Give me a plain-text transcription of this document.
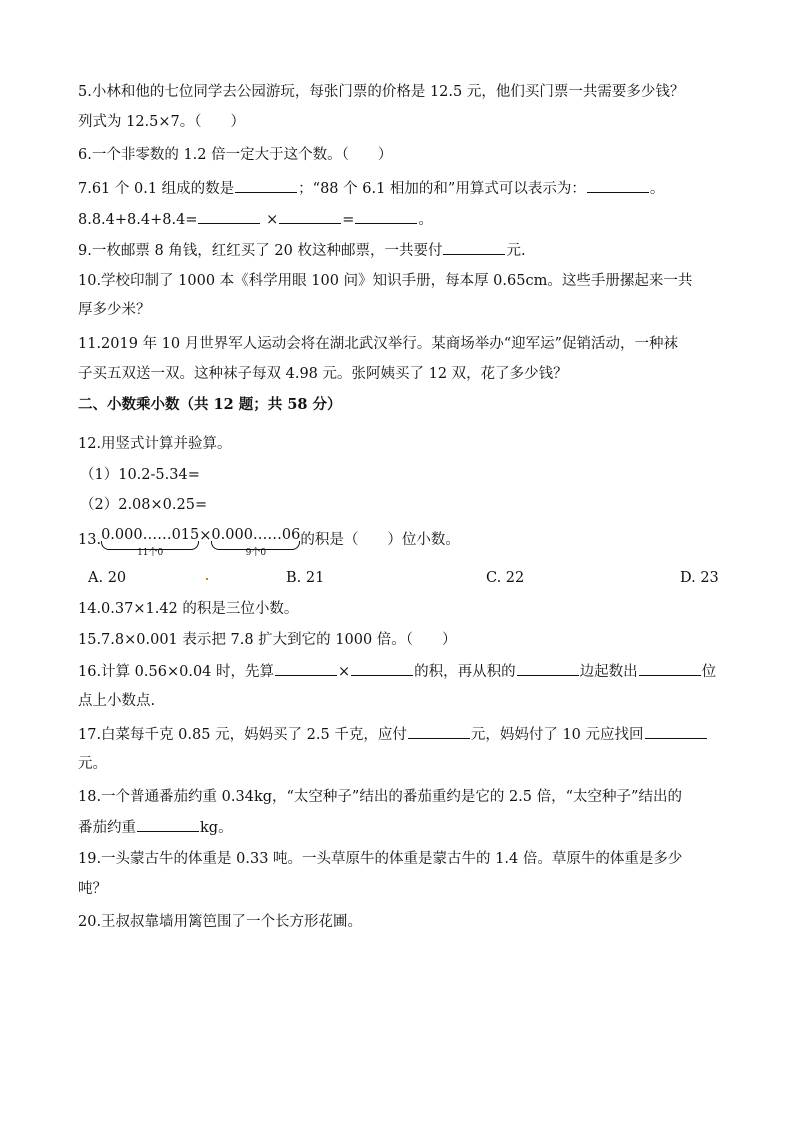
5.小林和他的七位同学去公园游玩，每张门票的价格是 12.5 元，他们买门票一共需要多少钱？
列式为 12.5×7。（　　）
6.一个非零数的 1.2 倍一定大于这个数。（　　）
7.61 个 0.1 组成的数是	；“88 个 6.1 相加的和”用算式可以表示为：	。
8.8.4+8.4+8.4=	×	=	。
9.一枚邮票 8 角钱，红红买了 20 枚这种邮票，一共要付	元.
10.学校印制了 1000 本《科学用眼 100 问》知识手册，每本厚 0.65cm。这些手册摞起来一共
厚多少米？
11.2019 年 10 月世界军人运动会将在湖北武汉举行。某商场举办“迎军运”促销活动，一种袜
子买五双送一双。这种袜子每双 4.98 元。张阿姨买了 12 双，花了多少钱？
二、小数乘小数（共 12 题；共 58 分）
12.用竖式计算并验算。
（1）10.2-5.34=
（2）2.08×0.25=
13. 0.000……015
11个0
× 0.000……06
9个0
的积是（　　）位小数。
A. 20	B. 21	C. 22	D. 23
14.0.37×1.42 的积是三位小数。
15.7.8×0.001 表示把 7.8 扩大到它的 1000 倍。（　　）
16.计算 0.56×0.04 时，先算	×	的积，再从积的	边起数出	位
点上小数点.
17.白菜每千克 0.85 元，妈妈买了 2.5 千克，应付	元，妈妈付了 10 元应找回
元。
18.一个普通番茄约重 0.34kg，“太空种子”结出的番茄重约是它的 2.5 倍，“太空种子”结出的
番茄约重	kg。
19.一头蒙古牛的体重是 0.33 吨。一头草原牛的体重是蒙古牛的 1.4 倍。草原牛的体重是多少
吨？
20.王叔叔靠墙用篱笆围了一个长方形花圃。
